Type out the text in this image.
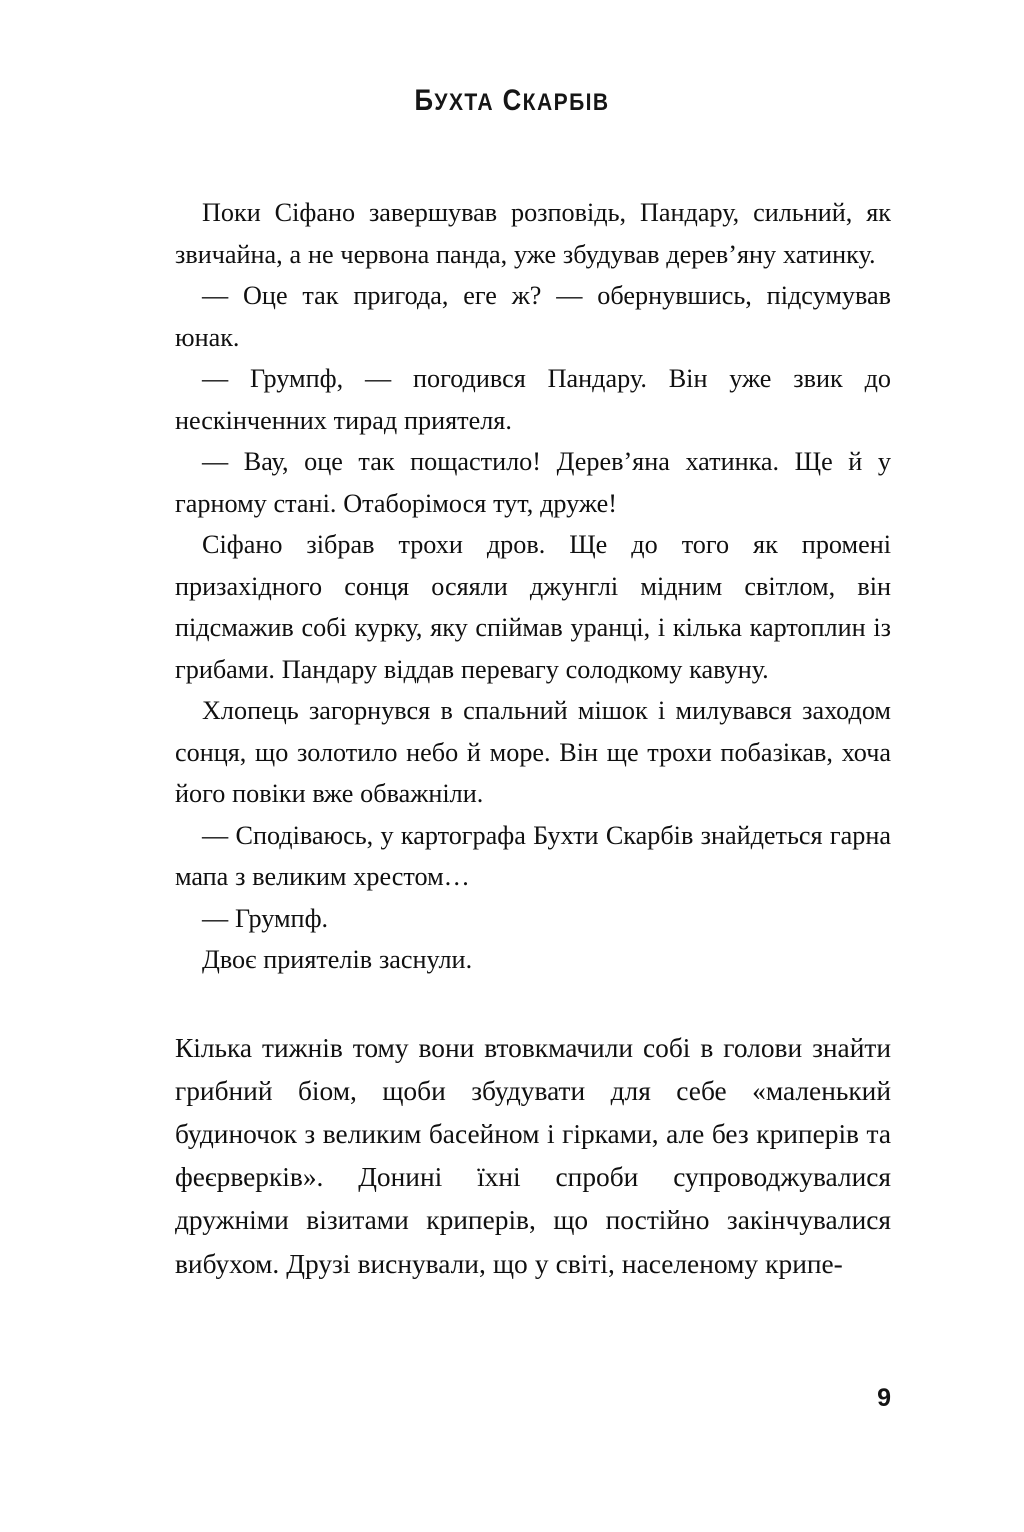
БУХТА СКАРБІВ

Поки Сіфано завершував розповідь, Пандару, сильний, як звичайна, а не червона панда, уже збудував дерев’яну хатинку.

— Оце так пригода, еге ж? — обернувшись, підсумував юнак.

— Грумпф, — погодився Пандару. Він уже звик до нескінченних тирад приятеля.

— Вау, оце так пощастило! Дерев’яна хатинка. Ще й у гарному стані. Отаборімося тут, друже!

Сіфано зібрав трохи дров. Ще до того як промені призахідного сонця осяяли джунглі мідним світлом, він підсмажив собі курку, яку спіймав уранці, і кілька картоплин із грибами. Пандару віддав перевагу солодкому кавуну.

Хлопець загорнувся в спальний мішок і милувався заходом сонця, що золотило небо й море. Він ще трохи побазікав, хоча його повіки вже обважніли.

— Сподіваюсь, у картографа Бухти Скарбів знайдеться гарна мапа з великим хрестом…

— Грумпф.

Двоє приятелів заснули.

Кілька тижнів тому вони втовкмачили собі в голови знайти грибний біом, щоби збудувати для себе «маленький будиночок з великим басейном і гірками, але без криперів та феєрверків». Донині їхні спроби супроводжувалися дружніми візитами криперів, що постійно закінчувалися вибухом. Друзі виснували, що у світі, населеному крипе-

9
